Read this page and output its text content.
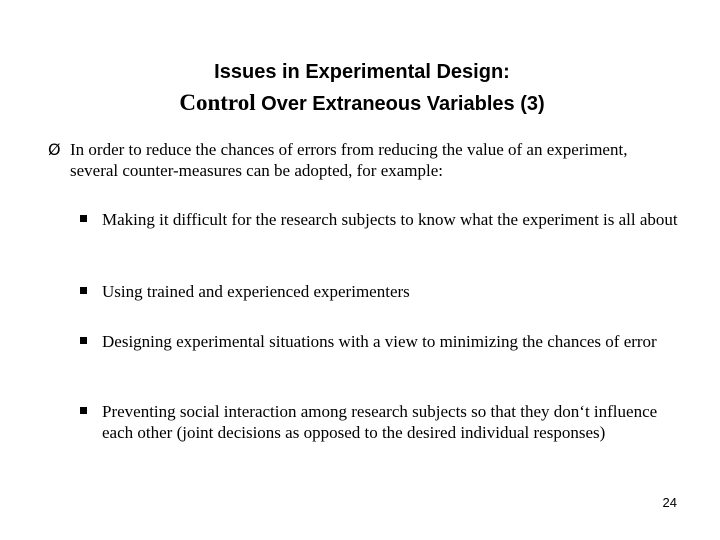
Issues in Experimental Design:
Control Over Extraneous Variables (3)
Ø In order to reduce the chances of errors from reducing the value of an experiment, several counter-measures can be adopted, for example:
Making it difficult for the research subjects to know what the experiment is all about
Using trained and experienced experimenters
Designing experimental situations with a view to minimizing the chances of error
Preventing social interaction among research subjects so that they don‘t influence each other (joint decisions as opposed to the desired individual responses)
24
